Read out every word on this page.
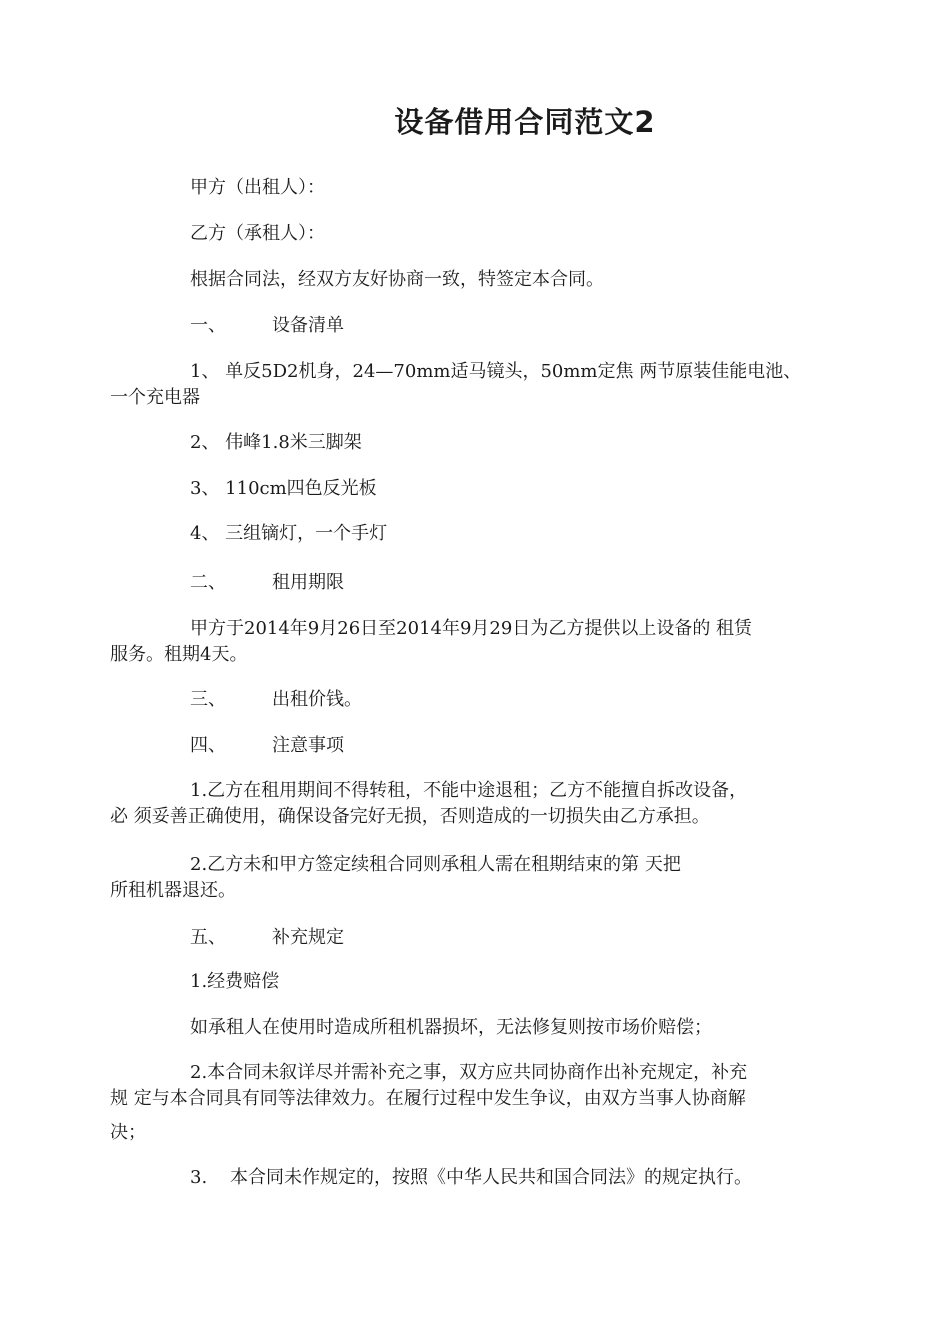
设备借用合同范文2
甲方（出租人）：
乙方（承租人）：
根据合同法，经双方友好协商一致，特签定本合同。
一、	设备清单
1、 单反5D2机身，24—70mm适马镜头，50mm定焦 两节原装佳能电池、
一个充电器
2、 伟峰1.8米三脚架
3、 110cm四色反光板
4、 三组镝灯，一个手灯
二、	租用期限
甲方于2014年9月26日至2014年9月29日为乙方提供以上设备的 租赁
服务。租期4天。
三、	出租价钱。
四、	注意事项
1.乙方在租用期间不得转租，不能中途退租；乙方不能擅自拆改设备，
必 须妥善正确使用，确保设备完好无损，否则造成的一切损失由乙方承担。
2.乙方未和甲方签定续租合同则承租人需在租期结束的第 天把
所租机器退还。
五、	补充规定
1.经费赔偿
如承租人在使用时造成所租机器损坏，无法修复则按市场价赔偿；
2.本合同未叙详尽并需补充之事，双方应共同协商作出补充规定，补充
规 定与本合同具有同等法律效力。在履行过程中发生争议，由双方当事人协商解
决；
3. 本合同未作规定的，按照《中华人民共和国合同法》的规定执行。
